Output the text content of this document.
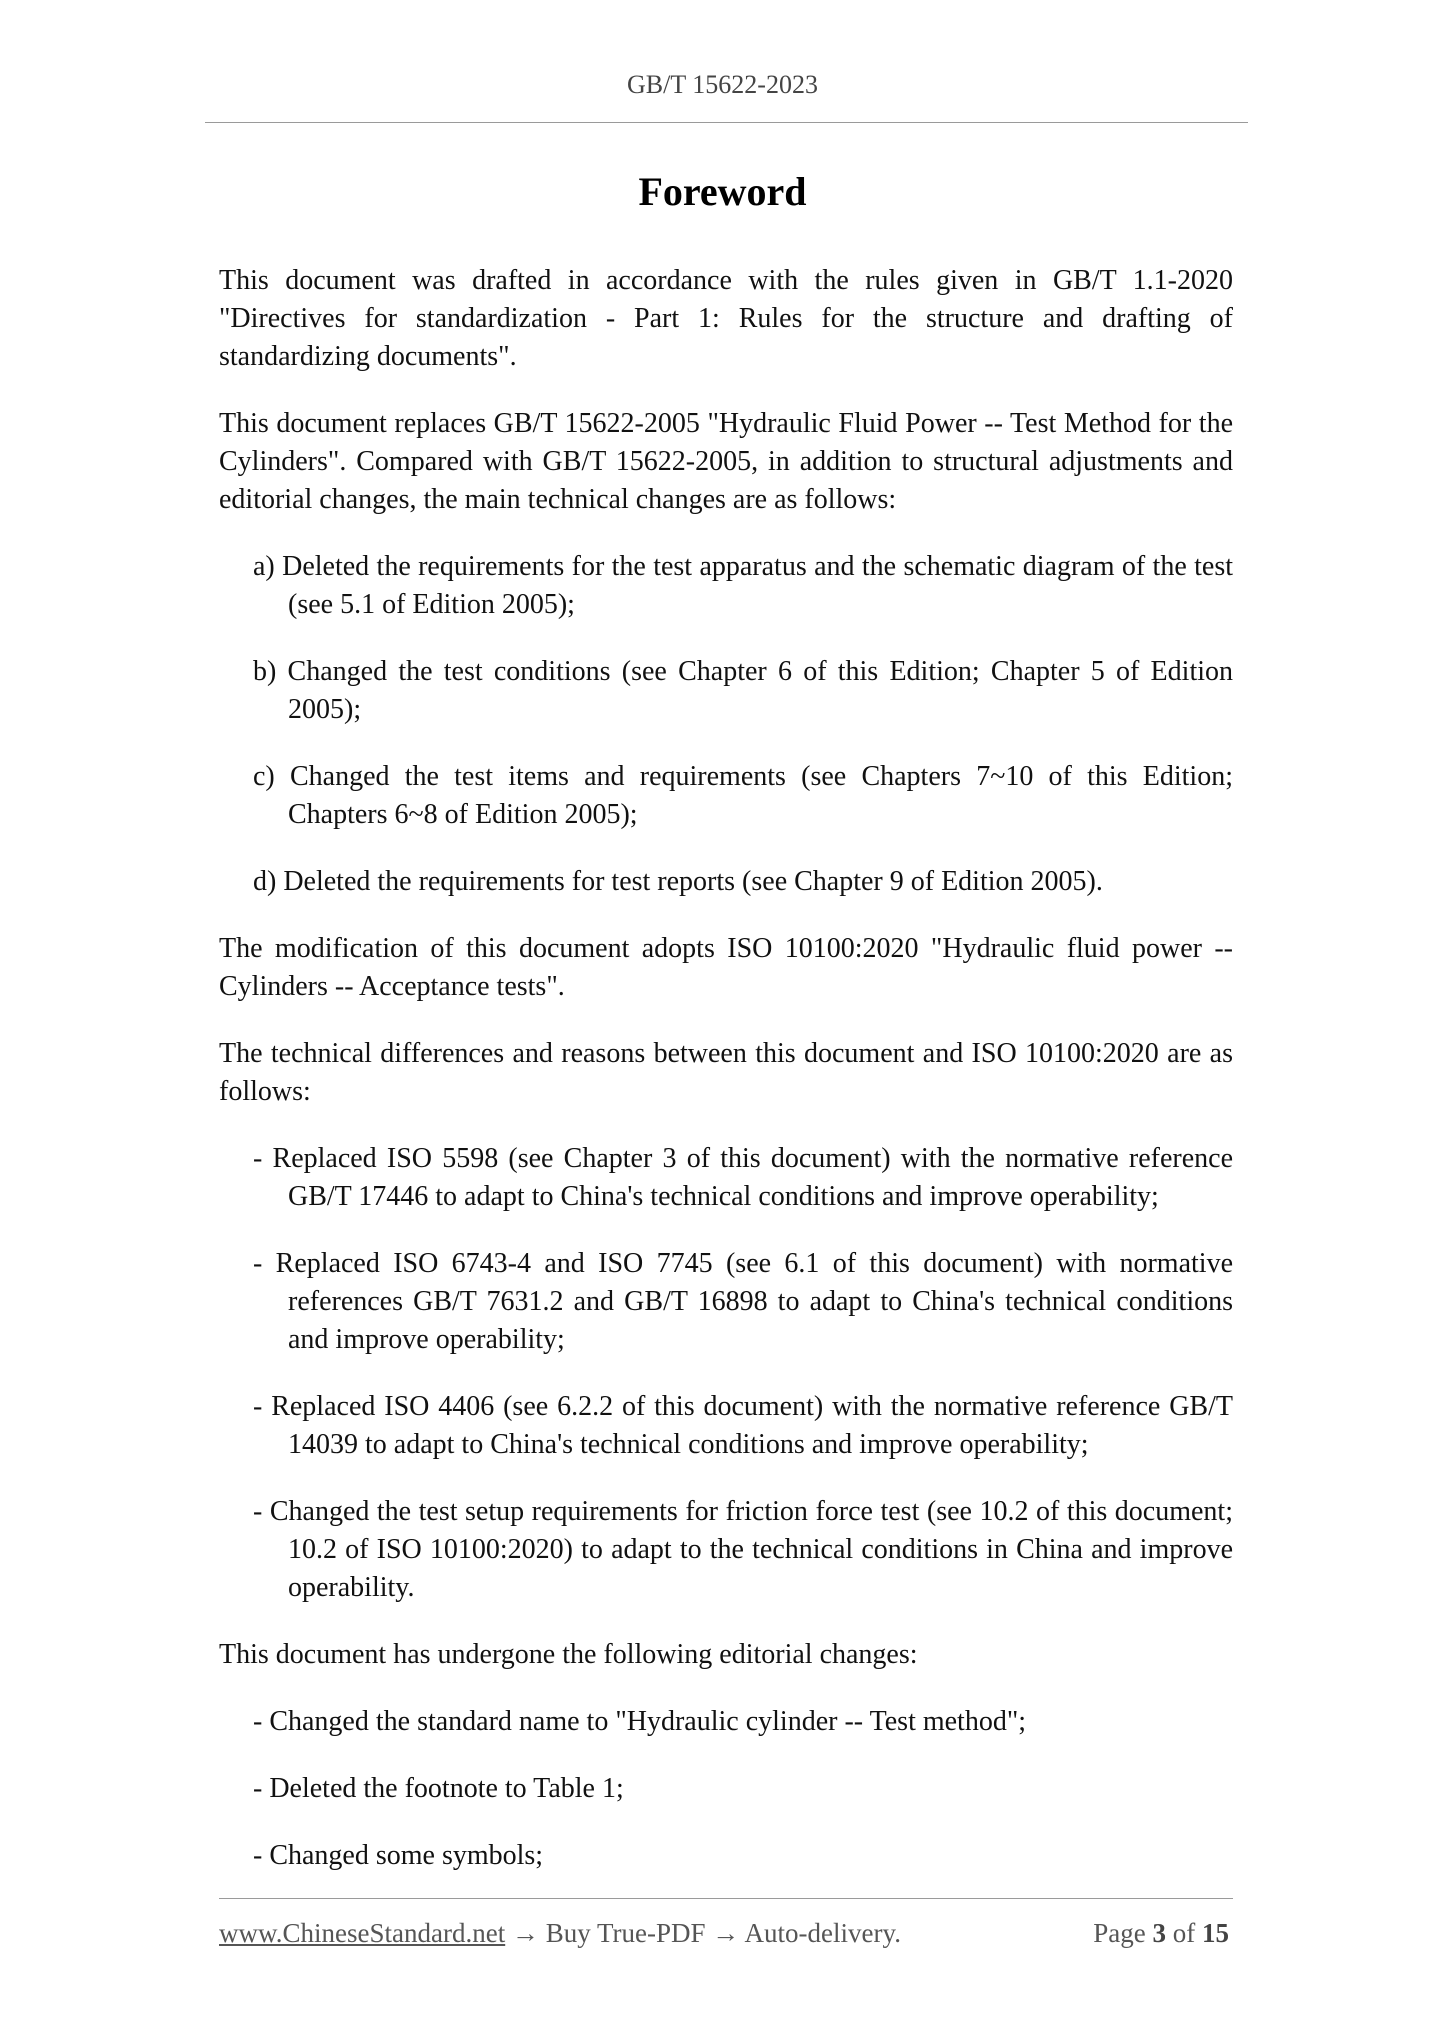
GB/T 15622-2023
Foreword

This document was drafted in accordance with the rules given in GB/T 1.1-2020 "Directives for standardization - Part 1: Rules for the structure and drafting of standardizing documents".

This document replaces GB/T 15622-2005 "Hydraulic Fluid Power -- Test Method for the Cylinders". Compared with GB/T 15622-2005, in addition to structural adjustments and editorial changes, the main technical changes are as follows:

a) Deleted the requirements for the test apparatus and the schematic diagram of the test (see 5.1 of Edition 2005);

b) Changed the test conditions (see Chapter 6 of this Edition; Chapter 5 of Edition 2005);

c) Changed the test items and requirements (see Chapters 7~10 of this Edition; Chapters 6~8 of Edition 2005);

d) Deleted the requirements for test reports (see Chapter 9 of Edition 2005).

The modification of this document adopts ISO 10100:2020 "Hydraulic fluid power -- Cylinders -- Acceptance tests".

The technical differences and reasons between this document and ISO 10100:2020 are as follows:

- Replaced ISO 5598 (see Chapter 3 of this document) with the normative reference GB/T 17446 to adapt to China's technical conditions and improve operability;

- Replaced ISO 6743-4 and ISO 7745 (see 6.1 of this document) with normative references GB/T 7631.2 and GB/T 16898 to adapt to China's technical conditions and improve operability;

- Replaced ISO 4406 (see 6.2.2 of this document) with the normative reference GB/T 14039 to adapt to China's technical conditions and improve operability;

- Changed the test setup requirements for friction force test (see 10.2 of this document; 10.2 of ISO 10100:2020) to adapt to the technical conditions in China and improve operability.

This document has undergone the following editorial changes:

- Changed the standard name to "Hydraulic cylinder -- Test method";

- Deleted the footnote to Table 1;

- Changed some symbols;

www.ChineseStandard.net → Buy True-PDF → Auto-delivery.	Page 3 of 15
